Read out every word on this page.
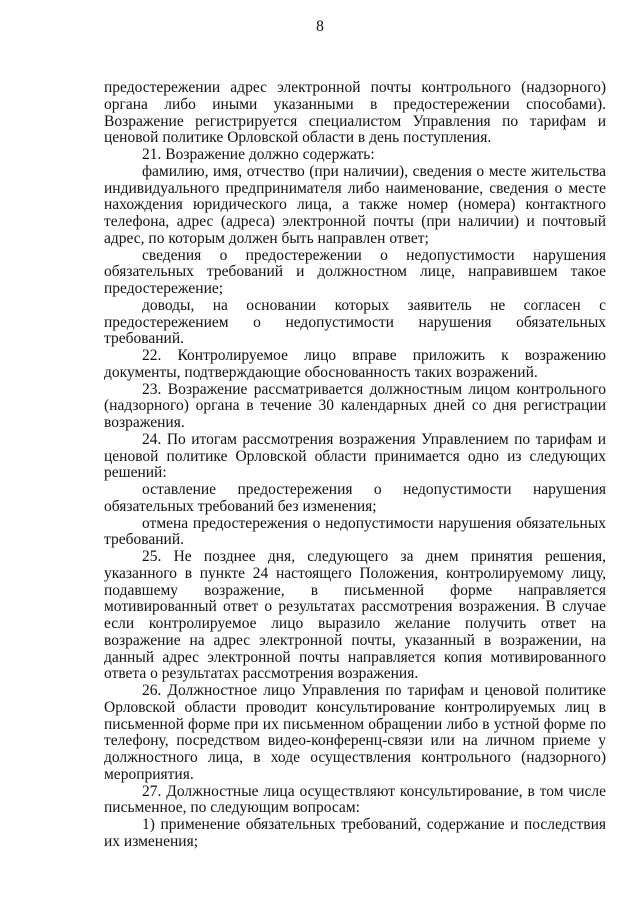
8

предостережении адрес электронной почты контрольного (надзорного) органа либо иными указанными в предостережении способами). Возражение регистрируется специалистом Управления по тарифам и ценовой политике Орловской области в день поступления.

21. Возражение должно содержать:

фамилию, имя, отчество (при наличии), сведения о месте жительства индивидуального предпринимателя либо наименование, сведения о месте нахождения юридического лица, а также номер (номера) контактного телефона, адрес (адреса) электронной почты (при наличии) и почтовый адрес, по которым должен быть направлен ответ;

сведения о предостережении о недопустимости нарушения обязательных требований и должностном лице, направившем такое предостережение;

доводы, на основании которых заявитель не согласен с предостережением о недопустимости нарушения обязательных требований.

22. Контролируемое лицо вправе приложить к возражению документы, подтверждающие обоснованность таких возражений.

23. Возражение рассматривается должностным лицом контрольного (надзорного) органа в течение 30 календарных дней со дня регистрации возражения.

24. По итогам рассмотрения возражения Управлением по тарифам и ценовой политике Орловской области принимается одно из следующих решений:

оставление предостережения о недопустимости нарушения обязательных требований без изменения;

отмена предостережения о недопустимости нарушения обязательных требований.

25. Не позднее дня, следующего за днем принятия решения, указанного в пункте 24 настоящего Положения, контролируемому лицу, подавшему возражение, в письменной форме направляется мотивированный ответ о результатах рассмотрения возражения. В случае если контролируемое лицо выразило желание получить ответ на возражение на адрес электронной почты, указанный в возражении, на данный адрес электронной почты направляется копия мотивированного ответа о результатах рассмотрения возражения.

26. Должностное лицо Управления по тарифам и ценовой политике Орловской области проводит консультирование контролируемых лиц в письменной форме при их письменном обращении либо в устной форме по телефону, посредством видео-конференц-связи или на личном приеме у должностного лица, в ходе осуществления контрольного (надзорного) мероприятия.

27. Должностные лица осуществляют консультирование, в том числе письменное, по следующим вопросам:

1) применение обязательных требований, содержание и последствия их изменения;
